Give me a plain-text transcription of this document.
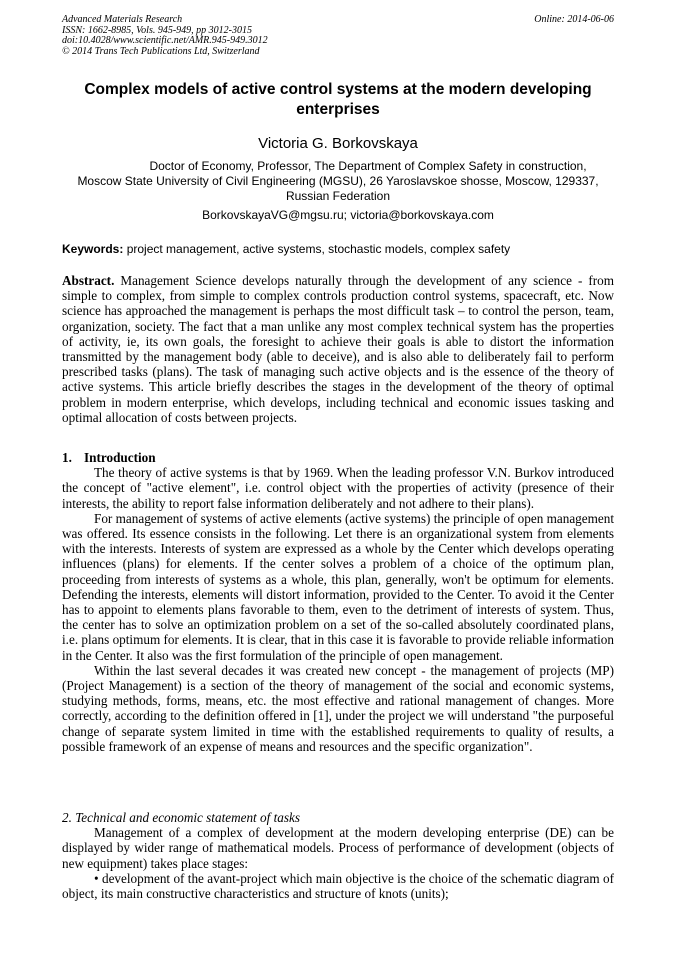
Advanced Materials Research
ISSN: 1662-8985, Vols. 945-949, pp 3012-3015
doi:10.4028/www.scientific.net/AMR.945-949.3012
© 2014 Trans Tech Publications Ltd, Switzerland
Online: 2014-06-06
Complex models of active control systems at the modern developing enterprises
Victoria G. Borkovskaya
Doctor of Economy, Professor, The Department of Complex Safety in construction,
Moscow State University of Civil Engineering (MGSU), 26 Yaroslavskoe shosse, Moscow, 129337, Russian Federation
BorkovskayaVG@mgsu.ru; victoria@borkovskaya.com
Keywords: project management, active systems, stochastic models, complex safety

Abstract. Management Science develops naturally through the development of any science - from simple to complex, from simple to complex controls production control systems, spacecraft, etc. Now science has approached the management is perhaps the most difficult task – to control the person, team, organization, society. The fact that a man unlike any most complex technical system has the properties of activity, ie, its own goals, the foresight to achieve their goals is able to distort the information transmitted by the management body (able to deceive), and is also able to deliberately fail to perform prescribed tasks (plans). The task of managing such active objects and is the essence of the theory of active systems. This article briefly describes the stages in the development of the theory of optimal problem in modern enterprise, which develops, including technical and economic issues tasking and optimal allocation of costs between projects.

1. Introduction

The theory of active systems is that by 1969. When the leading professor V.N. Burkov introduced the concept of "active element", i.e. control object with the properties of activity (presence of their interests, the ability to report false information deliberately and not adhere to their plans).

For management of systems of active elements (active systems) the principle of open management was offered. Its essence consists in the following. Let there is an organizational system from elements with the interests. Interests of system are expressed as a whole by the Center which develops operating influences (plans) for elements. If the center solves a problem of a choice of the optimum plan, proceeding from interests of systems as a whole, this plan, generally, won't be optimum for elements. Defending the interests, elements will distort information, provided to the Center. To avoid it the Center has to appoint to elements plans favorable to them, even to the detriment of interests of system. Thus, the center has to solve an optimization problem on a set of the so-called absolutely coordinated plans, i.e. plans optimum for elements. It is clear, that in this case it is favorable to provide reliable information in the Center. It also was the first formulation of the principle of open management.

Within the last several decades it was created new concept - the management of projects (MP) (Project Management) is a section of the theory of management of the social and economic systems, studying methods, forms, means, etc. the most effective and rational management of changes. More correctly, according to the definition offered in [1], under the project we will understand "the purposeful change of separate system limited in time with the established requirements to quality of results, a possible framework of an expense of means and resources and the specific organization".

2. Technical and economic statement of tasks

Management of a complex of development at the modern developing enterprise (DE) can be displayed by wider range of mathematical models. Process of performance of development (objects of new equipment) takes place stages:

• development of the avant-project which main objective is the choice of the schematic diagram of object, its main constructive characteristics and structure of knots (units);
